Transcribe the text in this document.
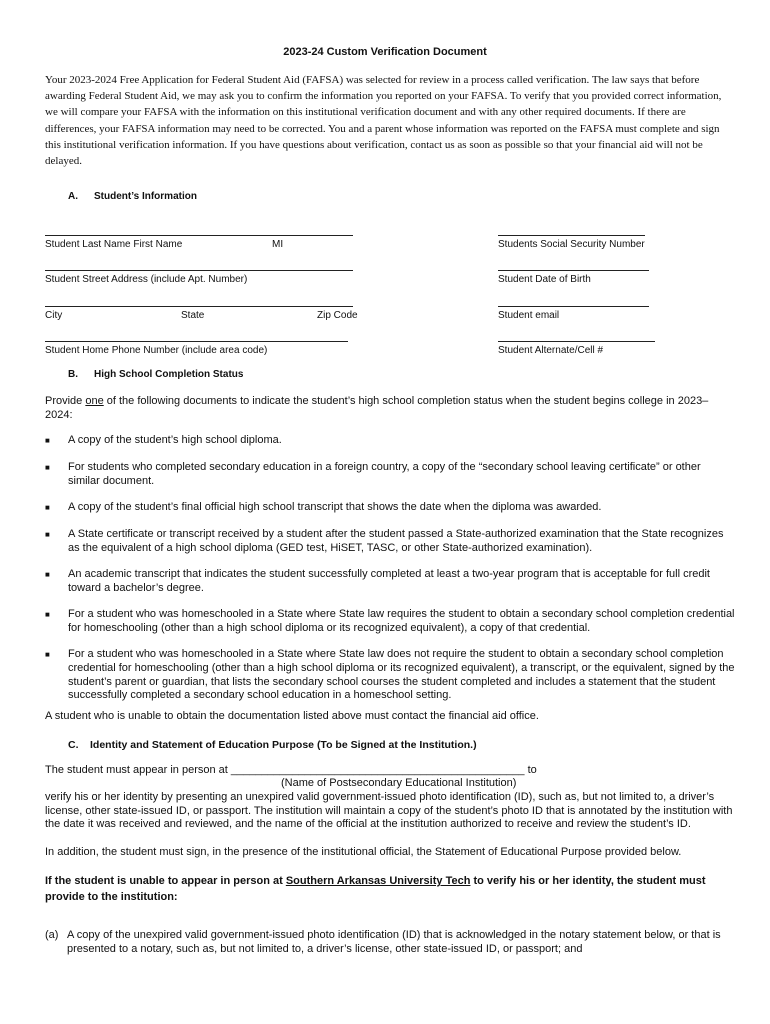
2023-24 Custom Verification Document
Your 2023-2024 Free Application for Federal Student Aid (FAFSA) was selected for review in a process called verification. The law says that before awarding Federal Student Aid, we may ask you to confirm the information you reported on your FAFSA. To verify that you provided correct information, we will compare your FAFSA with the information on this institutional verification document and with any other required documents. If there are differences, your FAFSA information may need to be corrected. You and a parent whose information was reported on the FAFSA must complete and sign this institutional verification information. If you have questions about verification, contact us as soon as possible so that your financial aid will not be delayed.
A. Student’s Information
Student Last Name First Name	MI	Students Social Security Number
Student Street Address (include Apt. Number)	Student Date of Birth
City	State	Zip Code	Student email
Student Home Phone Number (include area code)	Student Alternate/Cell #
B. High School Completion Status
Provide one of the following documents to indicate the student’s high school completion status when the student begins college in 2023–2024:
■ A copy of the student’s high school diploma.
■ For students who completed secondary education in a foreign country, a copy of the “secondary school leaving certificate” or other similar document.
■ A copy of the student’s final official high school transcript that shows the date when the diploma was awarded.
■ A State certificate or transcript received by a student after the student passed a State-authorized examination that the State recognizes as the equivalent of a high school diploma (GED test, HiSET, TASC, or other State-authorized examination).
■ An academic transcript that indicates the student successfully completed at least a two-year program that is acceptable for full credit toward a bachelor’s degree.
■ For a student who was homeschooled in a State where State law requires the student to obtain a secondary school completion credential for homeschooling (other than a high school diploma or its recognized equivalent), a copy of that credential.
■ For a student who was homeschooled in a State where State law does not require the student to obtain a secondary school completion credential for homeschooling (other than a high school diploma or its recognized equivalent), a transcript, or the equivalent, signed by the student’s parent or guardian, that lists the secondary school courses the student completed and includes a statement that the student successfully completed a secondary school education in a homeschool setting.
A student who is unable to obtain the documentation listed above must contact the financial aid office.
C. Identity and Statement of Education Purpose (To be Signed at the Institution.)
The student must appear in person at ________________________________________________ to
(Name of Postsecondary Educational Institution)
verify his or her identity by presenting an unexpired valid government-issued photo identification (ID), such as, but not limited to, a driver’s license, other state-issued ID, or passport. The institution will maintain a copy of the student’s photo ID that is annotated by the institution with the date it was received and reviewed, and the name of the official at the institution authorized to receive and review the student’s ID.
In addition, the student must sign, in the presence of the institutional official, the Statement of Educational Purpose provided below.
If the student is unable to appear in person at Southern Arkansas University Tech to verify his or her identity, the student must provide to the institution:
(a) A copy of the unexpired valid government-issued photo identification (ID) that is acknowledged in the notary statement below, or that is presented to a notary, such as, but not limited to, a driver’s license, other state-issued ID, or passport; and
